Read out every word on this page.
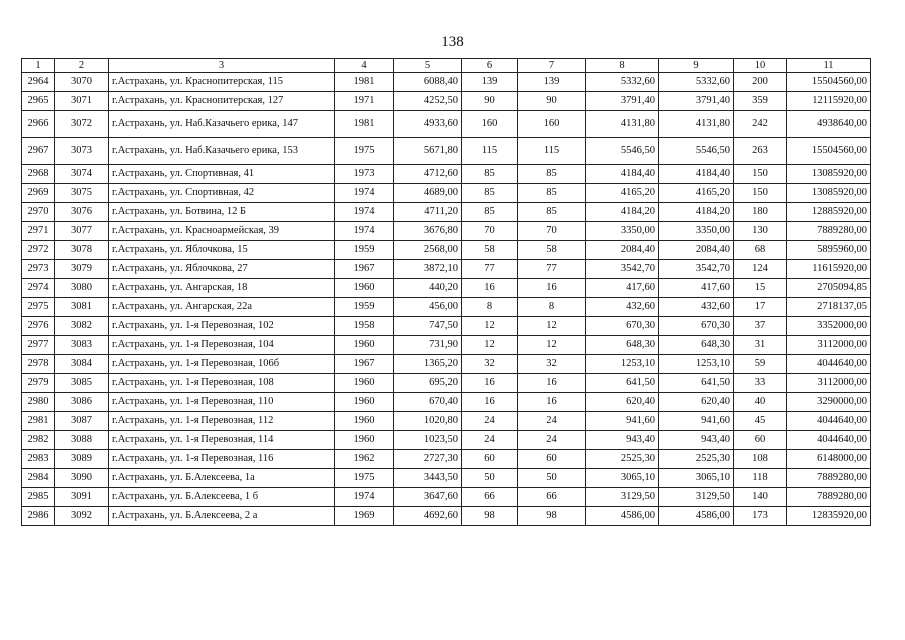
138
1	2	3	4	5	6	7	8	9	10	11
2964	3070	г.Астрахань, ул. Краснопитерская, 115	1981	6088,40	139	139	5332,60	5332,60	200	15504560,00
2965	3071	г.Астрахань, ул. Краснопитерская, 127	1971	4252,50	90	90	3791,40	3791,40	359	12115920,00
2966	3072	г.Астрахань, ул. Наб.Казачьего ерика, 147	1981	4933,60	160	160	4131,80	4131,80	242	4938640,00
2967	3073	г.Астрахань, ул. Наб.Казачьего ерика, 153	1975	5671,80	115	115	5546,50	5546,50	263	15504560,00
2968	3074	г.Астрахань, ул. Спортивная, 41	1973	4712,60	85	85	4184,40	4184,40	150	13085920,00
2969	3075	г.Астрахань, ул. Спортивная, 42	1974	4689,00	85	85	4165,20	4165,20	150	13085920,00
2970	3076	г.Астрахань, ул. Ботвина, 12 Б	1974	4711,20	85	85	4184,20	4184,20	180	12885920,00
2971	3077	г.Астрахань, ул. Красноармейская, 39	1974	3676,80	70	70	3350,00	3350,00	130	7889280,00
2972	3078	г.Астрахань, ул. Яблочкова, 15	1959	2568,00	58	58	2084,40	2084,40	68	5895960,00
2973	3079	г.Астрахань, ул. Яблочкова, 27	1967	3872,10	77	77	3542,70	3542,70	124	11615920,00
2974	3080	г.Астрахань, ул. Ангарская, 18	1960	440,20	16	16	417,60	417,60	15	2705094,85
2975	3081	г.Астрахань, ул. Ангарская, 22а	1959	456,00	8	8	432,60	432,60	17	2718137,05
2976	3082	г.Астрахань, ул. 1-я Перевозная, 102	1958	747,50	12	12	670,30	670,30	37	3352000,00
2977	3083	г.Астрахань, ул. 1-я Перевозная, 104	1960	731,90	12	12	648,30	648,30	31	3112000,00
2978	3084	г.Астрахань, ул. 1-я Перевозная, 106б	1967	1365,20	32	32	1253,10	1253,10	59	4044640,00
2979	3085	г.Астрахань, ул. 1-я Перевозная, 108	1960	695,20	16	16	641,50	641,50	33	3112000,00
2980	3086	г.Астрахань, ул. 1-я Перевозная, 110	1960	670,40	16	16	620,40	620,40	40	3290000,00
2981	3087	г.Астрахань, ул. 1-я Перевозная, 112	1960	1020,80	24	24	941,60	941,60	45	4044640,00
2982	3088	г.Астрахань, ул. 1-я Перевозная, 114	1960	1023,50	24	24	943,40	943,40	60	4044640,00
2983	3089	г.Астрахань, ул. 1-я Перевозная, 116	1962	2727,30	60	60	2525,30	2525,30	108	6148000,00
2984	3090	г.Астрахань, ул. Б.Алексеева, 1а	1975	3443,50	50	50	3065,10	3065,10	118	7889280,00
2985	3091	г.Астрахань, ул. Б.Алексеева, 1 б	1974	3647,60	66	66	3129,50	3129,50	140	7889280,00
2986	3092	г.Астрахань, ул. Б.Алексеева, 2 а	1969	4692,60	98	98	4586,00	4586,00	173	12835920,00
